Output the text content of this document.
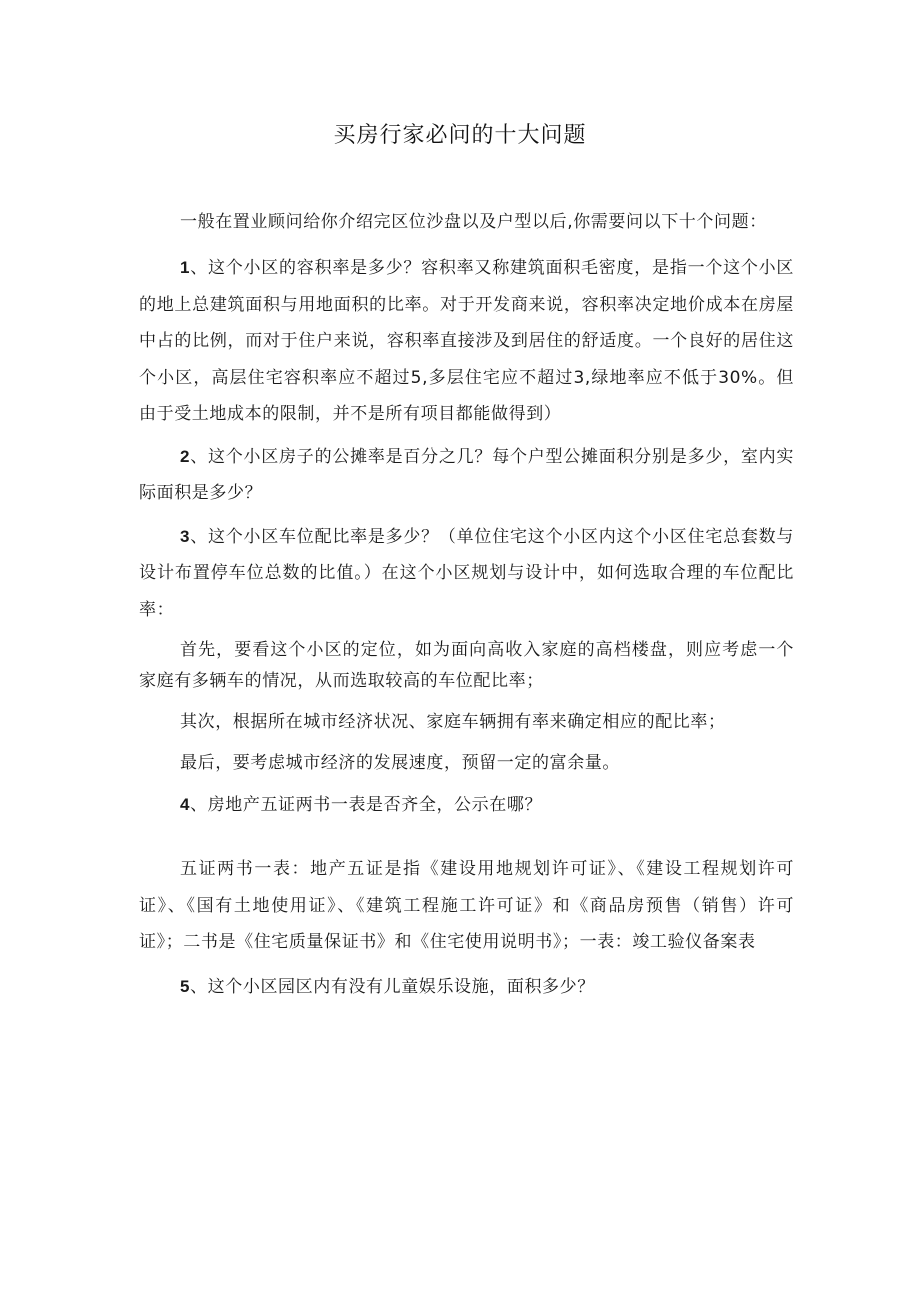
买房行家必问的十大问题

一般在置业顾问给你介绍完区位沙盘以及户型以后,你需要问以下十个问题：

1、这个小区的容积率是多少？容积率又称建筑面积毛密度，是指一个这个小区的地上总建筑面积与用地面积的比率。对于开发商来说，容积率决定地价成本在房屋中占的比例，而对于住户来说，容积率直接涉及到居住的舒适度。一个良好的居住这个小区，高层住宅容积率应不超过5,多层住宅应不超过3,绿地率应不低于30%。但由于受土地成本的限制，并不是所有项目都能做得到）

2、这个小区房子的公摊率是百分之几？每个户型公摊面积分别是多少，室内实际面积是多少？

3、这个小区车位配比率是多少？（单位住宅这个小区内这个小区住宅总套数与设计布置停车位总数的比值。）在这个小区规划与设计中，如何选取合理的车位配比率：

首先，要看这个小区的定位，如为面向高收入家庭的高档楼盘，则应考虑一个家庭有多辆车的情况，从而选取较高的车位配比率；

其次，根据所在城市经济状况、家庭车辆拥有率来确定相应的配比率；

最后，要考虑城市经济的发展速度，预留一定的富余量。

4、房地产五证两书一表是否齐全，公示在哪？

五证两书一表：地产五证是指《建设用地规划许可证》、《建设工程规划许可证》、《国有土地使用证》、《建筑工程施工许可证》和《商品房预售（销售）许可证》；二书是《住宅质量保证书》和《住宅使用说明书》；一表：竣工验仪备案表

5、这个小区园区内有没有儿童娱乐设施，面积多少？
